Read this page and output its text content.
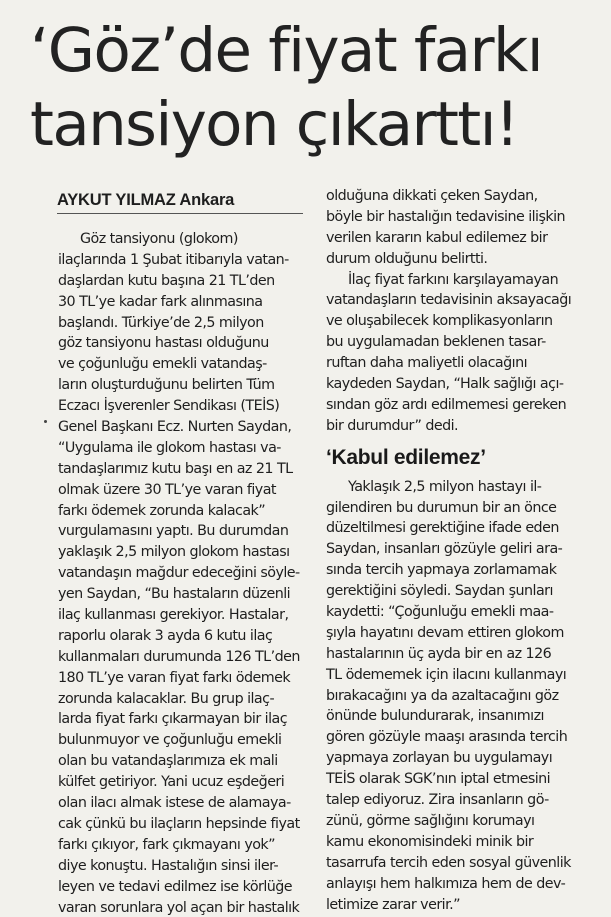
‘Göz’de fiyat farkı
tansiyon çıkarttı!
AYKUT YILMAZ Ankara
Göz tansiyonu (glokom)
ilaçlarında 1 Şubat itibarıyla vatan-
daşlardan kutu başına 21 TL’den
30 TL’ye kadar fark alınmasına
başlandı. Türkiye’de 2,5 milyon
göz tansiyonu hastası olduğunu
ve çoğunluğu emekli vatandaş-
ların oluşturduğunu belirten Tüm
Eczacı İşverenler Sendikası (TEİS)
Genel Başkanı Ecz. Nurten Saydan,
“Uygulama ile glokom hastası va-
tandaşlarımız kutu başı en az 21 TL
olmak üzere 30 TL’ye varan fiyat
farkı ödemek zorunda kalacak”
vurgulamasını yaptı. Bu durumdan
yaklaşık 2,5 milyon glokom hastası
vatandaşın mağdur edeceğini söyle-
yen Saydan, “Bu hastaların düzenli
ilaç kullanması gerekiyor. Hastalar,
raporlu olarak 3 ayda 6 kutu ilaç
kullanmaları durumunda 126 TL’den
180 TL’ye varan fiyat farkı ödemek
zorunda kalacaklar. Bu grup ilaç-
larda fiyat farkı çıkarmayan bir ilaç
bulunmuyor ve çoğunluğu emekli
olan bu vatandaşlarımıza ek mali
külfet getiriyor. Yani ucuz eşdeğeri
olan ilacı almak istese de alamaya-
cak çünkü bu ilaçların hepsinde fiyat
farkı çıkıyor, fark çıkmayanı yok”
diye konuştu. Hastalığın sinsi iler-
leyen ve tedavi edilmez ise körlüğe
varan sorunlara yol açan bir hastalık
olduğuna dikkati çeken Saydan,
böyle bir hastalığın tedavisine ilişkin
verilen kararın kabul edilemez bir
durum olduğunu belirtti.
İlaç fiyat farkını karşılayamayan
vatandaşların tedavisinin aksayacağı
ve oluşabilecek komplikasyonların
bu uygulamadan beklenen tasar-
ruftan daha maliyetli olacağını
kaydeden Saydan, “Halk sağlığı açı-
sından göz ardı edilmemesi gereken
bir durumdur” dedi.
‘Kabul edilemez’
Yaklaşık 2,5 milyon hastayı il-
gilendiren bu durumun bir an önce
düzeltilmesi gerektiğine ifade eden
Saydan, insanları gözüyle geliri ara-
sında tercih yapmaya zorlamamak
gerektiğini söyledi. Saydan şunları
kaydetti: “Çoğunluğu emekli maa-
şıyla hayatını devam ettiren glokom
hastalarının üç ayda bir en az 126
TL ödememek için ilacını kullanmayı
bırakacağını ya da azaltacağını göz
önünde bulundurarak, insanımızı
gören gözüyle maaşı arasında tercih
yapmaya zorlayan bu uygulamayı
TEİS olarak SGK’nın iptal etmesini
talep ediyoruz. Zira insanların gö-
zünü, görme sağlığını korumayı
kamu ekonomisindeki minik bir
tasarrufa tercih eden sosyal güvenlik
anlayışı hem halkımıza hem de dev-
letimize zarar verir.”
